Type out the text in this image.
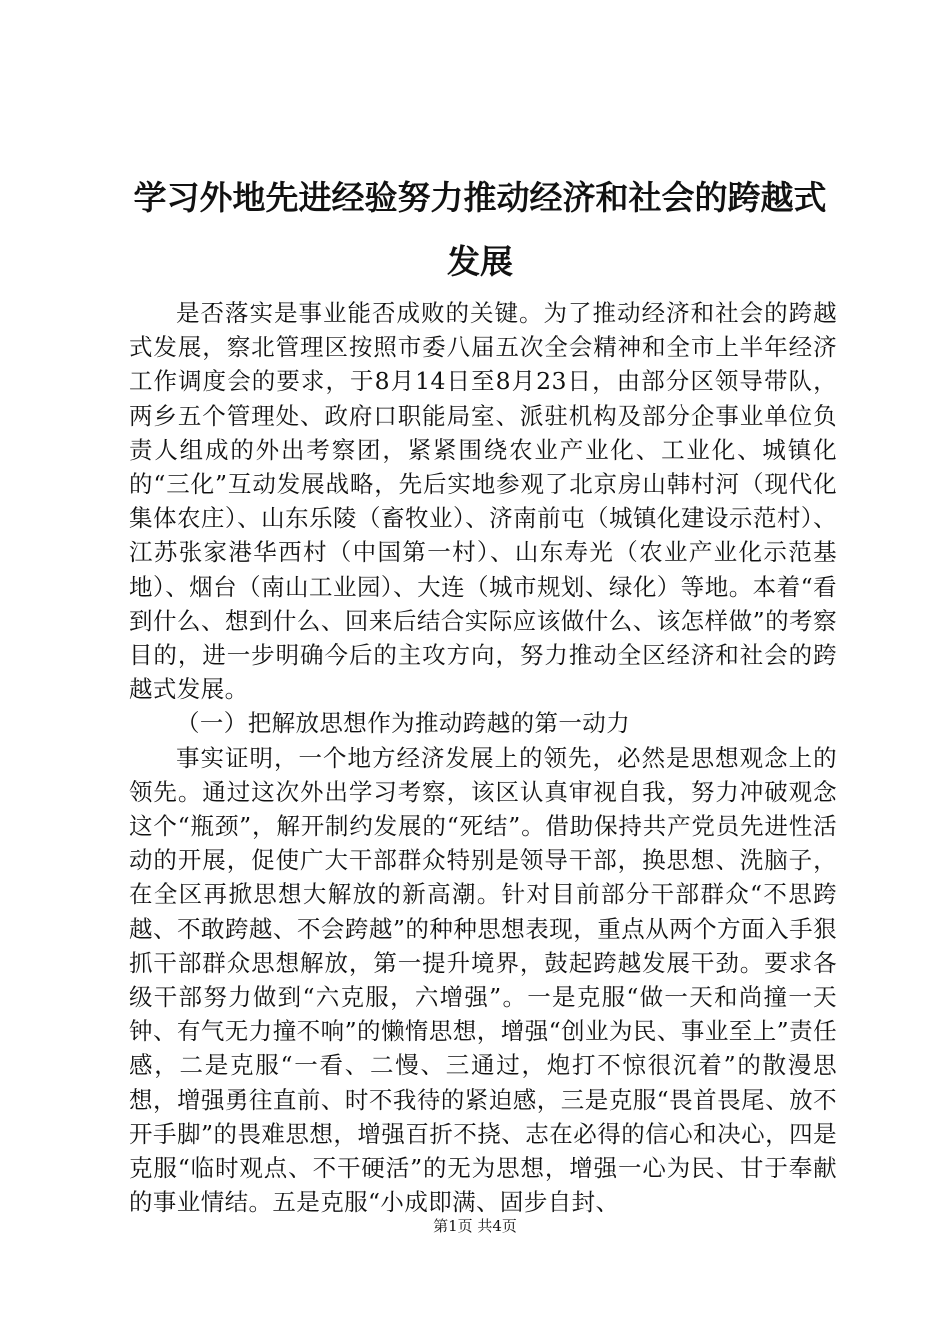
学习外地先进经验努力推动经济和社会的跨越式发展

是否落实是事业能否成败的关键。为了推动经济和社会的跨越式发展，察北管理区按照市委八届五次全会精神和全市上半年经济工作调度会的要求，于8月14日至8月23日，由部分区领导带队，两乡五个管理处、政府口职能局室、派驻机构及部分企事业单位负责人组成的外出考察团，紧紧围绕农业产业化、工业化、城镇化的“三化”互动发展战略，先后实地参观了北京房山韩村河（现代化集体农庄）、山东乐陵（畜牧业）、济南前屯（城镇化建设示范村）、江苏张家港华西村（中国第一村）、山东寿光（农业产业化示范基地）、烟台（南山工业园）、大连（城市规划、绿化）等地。本着“看到什么、想到什么、回来后结合实际应该做什么、该怎样做”的考察目的，进一步明确今后的主攻方向，努力推动全区经济和社会的跨越式发展。

（一）把解放思想作为推动跨越的第一动力

事实证明，一个地方经济发展上的领先，必然是思想观念上的领先。通过这次外出学习考察，该区认真审视自我，努力冲破观念这个“瓶颈”，解开制约发展的“死结”。借助保持共产党员先进性活动的开展，促使广大干部群众特别是领导干部，换思想、洗脑子，在全区再掀思想大解放的新高潮。针对目前部分干部群众“不思跨越、不敢跨越、不会跨越”的种种思想表现，重点从两个方面入手狠抓干部群众思想解放，第一提升境界，鼓起跨越发展干劲。要求各级干部努力做到“六克服，六增强”。一是克服“做一天和尚撞一天钟、有气无力撞不响”的懒惰思想，增强“创业为民、事业至上”责任感，二是克服“一看、二慢、三通过，炮打不惊很沉着”的散漫思想，增强勇往直前、时不我待的紧迫感，三是克服“畏首畏尾、放不开手脚”的畏难思想，增强百折不挠、志在必得的信心和决心，四是克服“临时观点、不干硬活”的无为思想，增强一心为民、甘于奉献的事业情结。五是克服“小成即满、固步自封、

第1页 共4页
